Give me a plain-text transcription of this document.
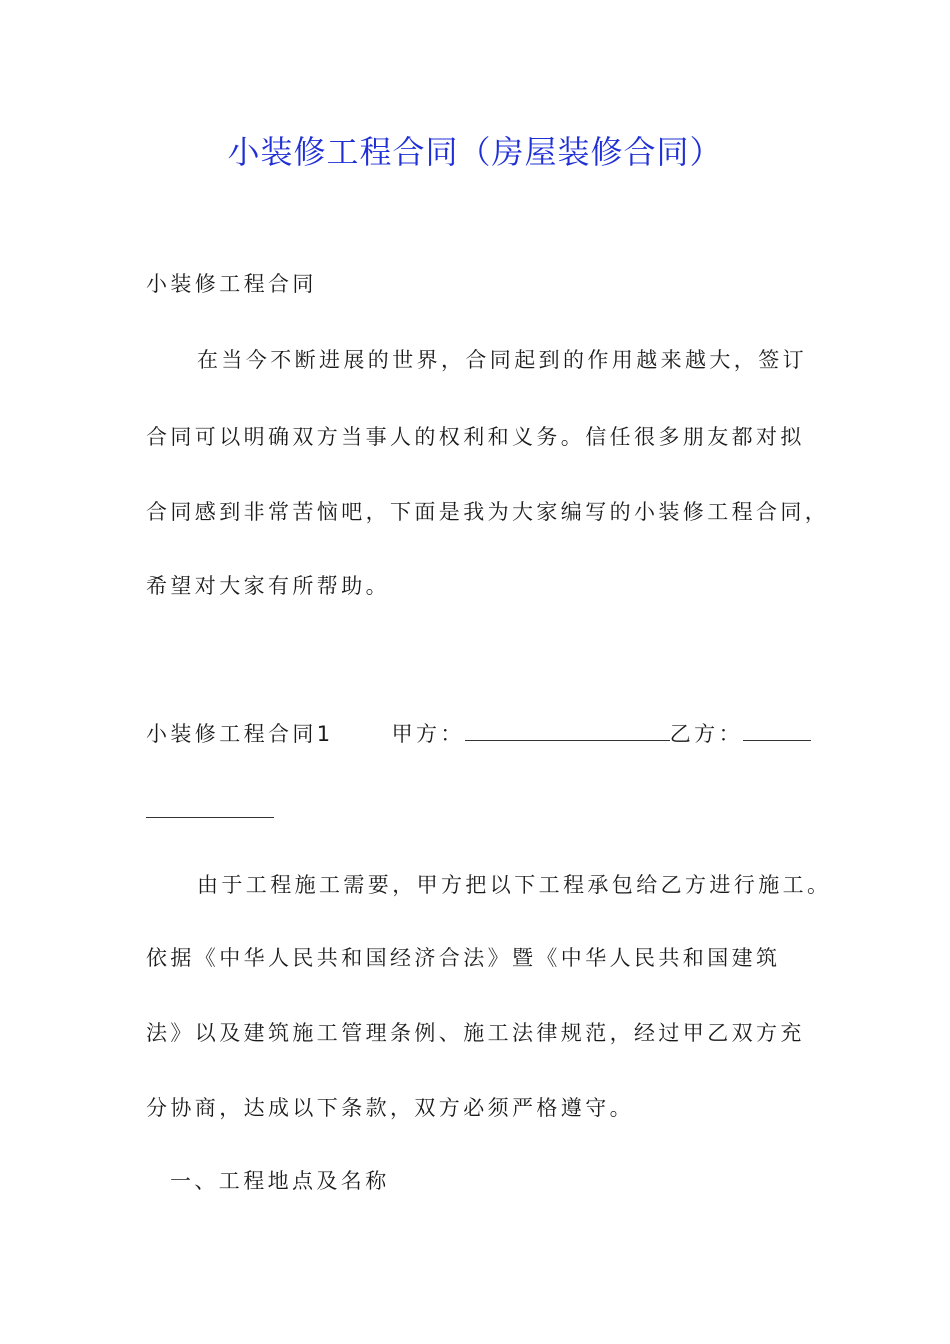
小装修工程合同（房屋装修合同）

小装修工程合同

在当今不断进展的世界，合同起到的作用越来越大，签订

合同可以明确双方当事人的权利和义务。信任很多朋友都对拟

合同感到非常苦恼吧，下面是我为大家编写的小装修工程合同，

希望对大家有所帮助。

小装修工程合同1	甲方：	乙方：

由于工程施工需要，甲方把以下工程承包给乙方进行施工。

依据《中华人民共和国经济合法》暨《中华人民共和国建筑

法》以及建筑施工管理条例、施工法律规范，经过甲乙双方充

分协商，达成以下条款，双方必须严格遵守。

一、工程地点及名称
